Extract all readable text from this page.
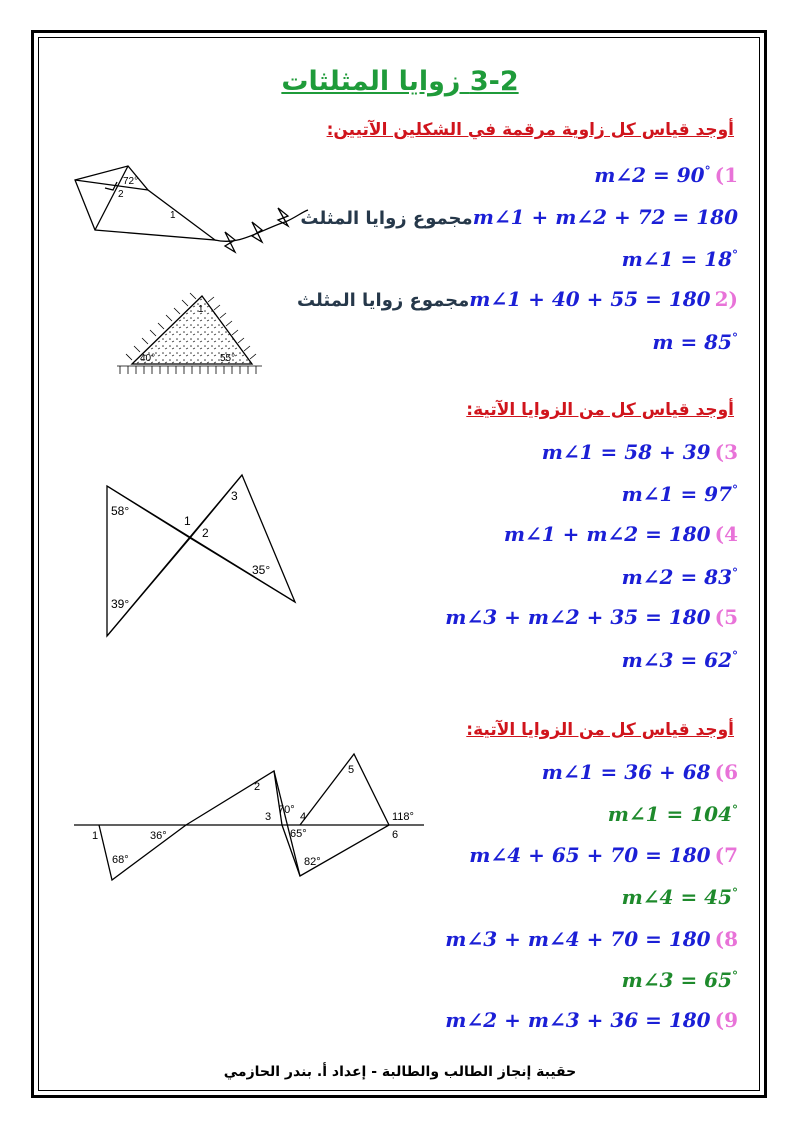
3-2 زوايا المثلثات
أوجد قياس كل زاوية مرقمة في الشكلين الآتيين:
أوجد قياس كل من الزوايا الآتية:
أوجد قياس كل من الزوايا الآتية:
m∠2 = 90° (1
مجموع زوايا المثلثm∠1 + m∠2 + 72 = 180
m∠1 = 18°
مجموع زوايا المثلثm∠1 + 40 + 55 = 180 2)
m = 85°
m∠1 = 58 + 39 (3
m∠1 = 97°
m∠1 + m∠2 = 180 (4
m∠2 = 83°
m∠3 + m∠2 + 35 = 180 (5
m∠3 = 62°
m∠1 = 36 + 68 (6
m∠1 = 104°
m∠4 + 65 + 70 = 180 (7
m∠4 = 45°
m∠3 + m∠4 + 70 = 180 (8
m∠3 = 65°
m∠2 + m∠3 + 36 = 180 (9
72°
2
1
40°	55°
1
58°
39°
35°
1
2
3
1
68°
36°
2
3
70°
4
65°
82°
5
118°
6
حقيبة إنجاز الطالب والطالبة - إعداد أ. بندر الحازمي
